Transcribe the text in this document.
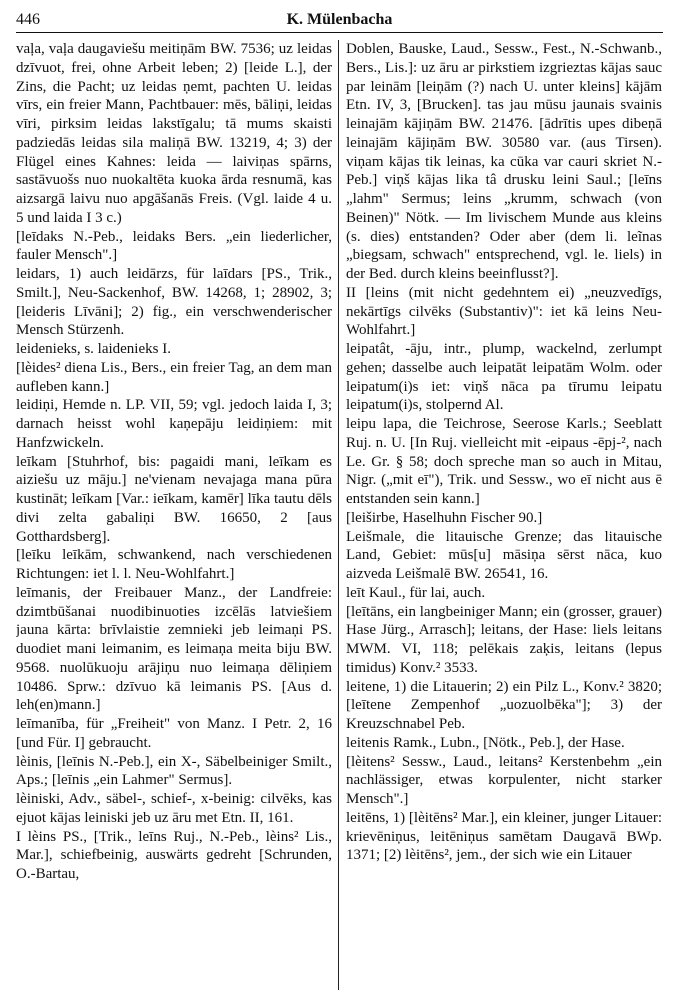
446	K. Mülenbacha

vaļa, vaļa daugaviešu meitiņām BW. 7536; uz leidas dzīvuot, frei, ohne Arbeit leben; 2) [leide L.], der Zins, die Pacht; uz leidas ņemt, pachten U. leidas vīrs, ein freier Mann, Pachtbauer: mēs, bāliņi, leidas vīri, pirksim leidas lakstīgalu; tā mums skaisti padziedās leidas sila maliņā BW. 13219, 4; 3) der Flügel eines Kahnes: leida — laiviņas spārns, sastāvuošs nuo nuokaltēta kuoka ārda resnumā, kas aizsargā laivu nuo apgāšanās Freis. (Vgl. laide 4 u. 5 und laida I 3 c.)

[leīdaks N.-Peb., leidaks Bers. „ein liederlicher, fauler Mensch".]

leidars, 1) auch leidārzs, für laīdars [PS., Trik., Smilt.], Neu-Sackenhof, BW. 14268, 1; 28902, 3; [leideris Līvāni]; 2) fig., ein verschwenderischer Mensch Stürzenh.

leidenieks, s. laidenieks I.

[lèides² diena Lis., Bers., ein freier Tag, an dem man aufleben kann.]

leidiņi, Hemde n. LP. VII, 59; vgl. jedoch laida I, 3; darnach heisst wohl kaņepāju leidiņiem: mit Hanfzwickeln.

leīkam [Stuhrhof, bis: pagaidi mani, leīkam es aiziešu uz māju.] ne'vienam nevajaga mana pūra kustināt; leīkam [Var.: ieīkam, kamēr] līka tautu dēls divi zelta gabaliņi BW. 16650, 2 [aus Gotthardsberg].

[leīku leīkām, schwankend, nach verschiedenen Richtungen: iet l. l. Neu-Wohlfahrt.]

leīmanis, der Freibauer Manz., der Landfreie: dzimtbūšanai nuodibinuoties izcēlās latviešiem jauna kārta: brīvlaistie zemnieki jeb leimaņi PS. duodiet mani leimanim, es leimaņa meita biju BW. 9568. nuolūkuoju arājiņu nuo leimaņa dēliņiem 10486. Sprw.: dzīvuo kā leimanis PS. [Aus d. leh(en)mann.]

leīmanība, für „Freiheit" von Manz. I Petr. 2, 16 [und Für. I] gebraucht.

lèinis, [leīnis N.-Peb.], ein X-, Säbelbeiniger Smilt., Aps.; [leīnis „ein Lahmer" Sermus].

lèiniski, Adv., säbel-, schief-, x-beinig: cilvēks, kas ejuot kājas leiniski jeb uz āru met Etn. II, 161.

I lèins PS., [Trik., leīns Ruj., N.-Peb., lèins² Lis., Mar.], schiefbeinig, auswärts gedreht [Schrunden, O.-Bartau,

Doblen, Bauske, Laud., Sessw., Fest., N.-Schwanb., Bers., Lis.]: uz āru ar pirkstiem izgrieztas kājas sauc par leinām [leiņām (?) nach U. unter kleins] kājām Etn. IV, 3, [Brucken]. tas jau mūsu jaunais svainis leinajām kājiņām BW. 21476. [ādrītis upes dibeņā leinajām kājiņām BW. 30580 var. (aus Tirsen). viņam kājas tik leinas, ka cūka var cauri skriet N.-Peb.] viņš kājas lika tâ drusku leini Saul.; [leīns „lahm" Sermus; leins „krumm, schwach (von Beinen)" Nötk. — Im livischem Munde aus kleins (s. dies) entstanden? Oder aber (dem li. leĩnas „biegsam, schwach" entsprechend, vgl. le. liels) in der Bed. durch kleins beeinflusst?].

II [leins (mit nicht gedehntem ei) „neuzvedīgs, nekārtīgs cilvēks (Substantiv)": iet kā leins Neu-Wohlfahrt.]

leipatât, -āju, intr., plump, wackelnd, zerlumpt gehen; dasselbe auch leipatāt leipatām Wolm. oder leipatum(i)s iet: viņš nāca pa tīrumu leipatu leipatum(i)s, stolpernd Al.

leipu lapa, die Teichrose, Seerose Karls.; Seeblatt Ruj. n. U. [In Ruj. vielleicht mit -eipaus -ēpj-², nach Le. Gr. § 58; doch spreche man so auch in Mitau, Nigr. („mit eī"), Trik. und Sessw., wo eī nicht aus ē entstanden sein kann.]

[leiširbe, Haselhuhn Fischer 90.]

Leišmale, die litauische Grenze; das litauische Land, Gebiet: mūs[u] māsiņa sērst nāca, kuo aizveda Leišmalē BW. 26541, 16.

leīt Kaul., für lai, auch.

[leītāns, ein langbeiniger Mann; ein (grosser, grauer) Hase Jürg., Arrasch]; leitans, der Hase: liels leitans MWM. VI, 118; pelēkais zaķis, leitans (lepus timidus) Konv.² 3533.

leitene, 1) die Litauerin; 2) ein Pilz L., Konv.² 3820; [leītene Zempenhof „uozuolbēka"]; 3) der Kreuzschnabel Peb.

leitenis Ramk., Lubn., [Nötk., Peb.], der Hase.

[lèitens² Sessw., Laud., leitans² Kerstenbehm „ein nachlässiger, etwas korpulenter, nicht starker Mensch".]

leitēns, 1) [lèitēns² Mar.], ein kleiner, junger Litauer: krievēniņus, leitēniņus samētam Daugavā BWp. 1371; [2) lèitēns², jem., der sich wie ein Litauer
